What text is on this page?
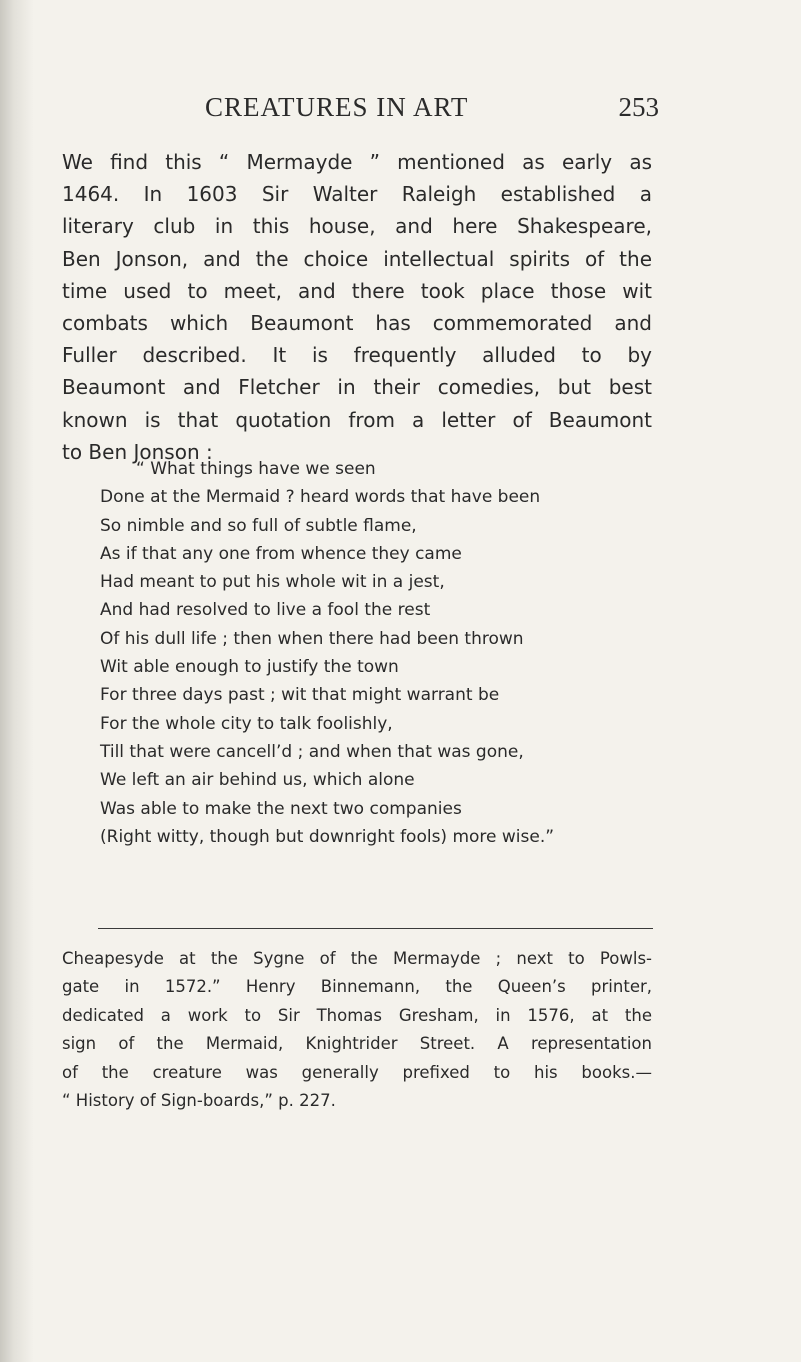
CREATURES IN ART	253
We find this “ Mermayde ” mentioned as early as
1464. In 1603 Sir Walter Raleigh established a
literary club in this house, and here Shakespeare,
Ben Jonson, and the choice intellectual spirits of the
time used to meet, and there took place those wit
combats which Beaumont has commemorated and
Fuller described. It is frequently alluded to by
Beaumont and Fletcher in their comedies, but best
known is that quotation from a letter of Beaumont
to Ben Jonson :
“ What things have we seen
Done at the Mermaid ? heard words that have been
So nimble and so full of subtle flame,
As if that any one from whence they came
Had meant to put his whole wit in a jest,
And had resolved to live a fool the rest
Of his dull life ; then when there had been thrown
Wit able enough to justify the town
For three days past ; wit that might warrant be
For the whole city to talk foolishly,
Till that were cancell’d ; and when that was gone,
We left an air behind us, which alone
Was able to make the next two companies
(Right witty, though but downright fools) more wise.”
Cheapesyde at the Sygne of the Mermayde ; next to Powls-
gate in 1572.” Henry Binnemann, the Queen’s printer,
dedicated a work to Sir Thomas Gresham, in 1576, at the
sign of the Mermaid, Knightrider Street. A representation
of the creature was generally prefixed to his books.—
“ History of Sign-boards,” p. 227.
